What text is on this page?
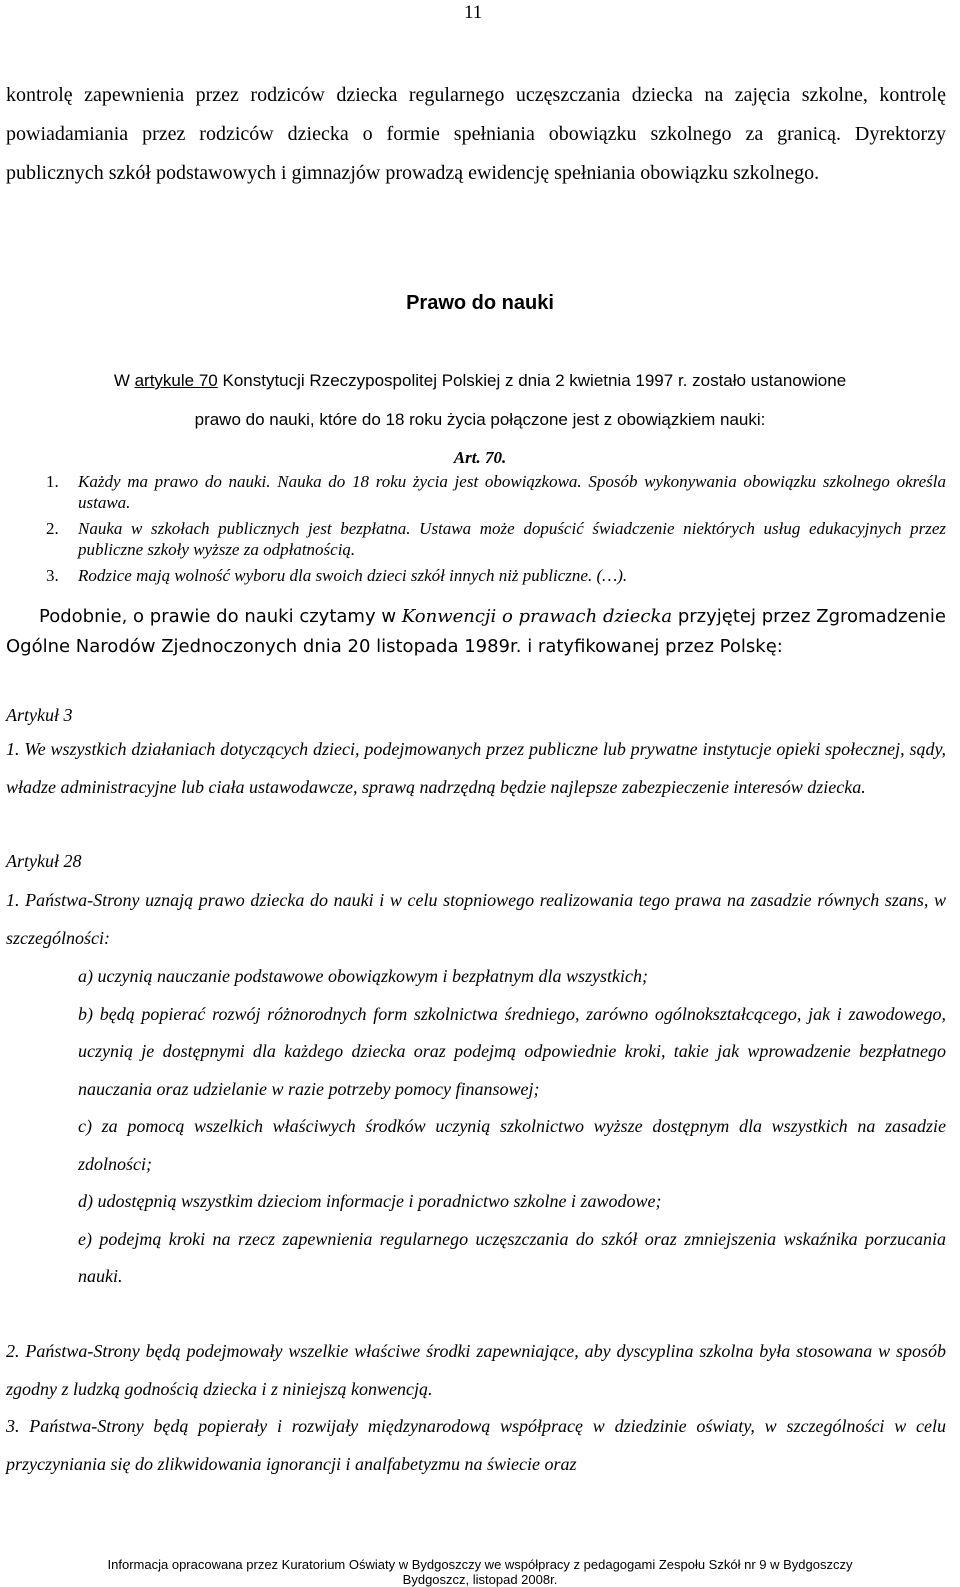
11

kontrolę zapewnienia przez rodziców dziecka regularnego uczęszczania dziecka na zajęcia szkolne, kontrolę powiadamiania przez rodziców dziecka o formie spełniania obowiązku szkolnego za granicą. Dyrektorzy publicznych szkół podstawowych i gimnazjów prowadzą ewidencję spełniania obowiązku szkolnego.

Prawo do nauki
W artykule 70 Konstytucji Rzeczypospolitej Polskiej z dnia 2 kwietnia 1997 r. zostało ustanowione
prawo do nauki, które do 18 roku życia połączone jest z obowiązkiem nauki:
Art. 70.
1. Każdy ma prawo do nauki. Nauka do 18 roku życia jest obowiązkowa. Sposób wykonywania obowiązku szkolnego określa ustawa.
2. Nauka w szkołach publicznych jest bezpłatna. Ustawa może dopuścić świadczenie niektórych usług edukacyjnych przez publiczne szkoły wyższe za odpłatnością.
3. Rodzice mają wolność wyboru dla swoich dzieci szkół innych niż publiczne. (…).

Podobnie, o prawie do nauki czytamy w Konwencji o prawach dziecka przyjętej przez Zgromadzenie Ogólne Narodów Zjednoczonych dnia 20 listopada 1989r. i ratyfikowanej przez Polskę:

Artykuł 3

1. We wszystkich działaniach dotyczących dzieci, podejmowanych przez publiczne lub prywatne instytucje opieki społecznej, sądy, władze administracyjne lub ciała ustawodawcze, sprawą nadrzędną będzie najlepsze zabezpieczenie interesów dziecka.

Artykuł 28

1. Państwa-Strony uznają prawo dziecka do nauki i w celu stopniowego realizowania tego prawa na zasadzie równych szans, w szczególności:

a) uczynią nauczanie podstawowe obowiązkowym i bezpłatnym dla wszystkich;

b) będą popierać rozwój różnorodnych form szkolnictwa średniego, zarówno ogólnokształcącego, jak i zawodowego, uczynią je dostępnymi dla każdego dziecka oraz podejmą odpowiednie kroki, takie jak wprowadzenie bezpłatnego nauczania oraz udzielanie w razie potrzeby pomocy finansowej;

c) za pomocą wszelkich właściwych środków uczynią szkolnictwo wyższe dostępnym dla wszystkich na zasadzie zdolności;

d) udostępnią wszystkim dzieciom informacje i poradnictwo szkolne i zawodowe;

e) podejmą kroki na rzecz zapewnienia regularnego uczęszczania do szkół oraz zmniejszenia wskaźnika porzucania nauki.

2. Państwa-Strony będą podejmowały wszelkie właściwe środki zapewniające, aby dyscyplina szkolna była stosowana w sposób zgodny z ludzką godnością dziecka i z niniejszą konwencją.

3. Państwa-Strony będą popierały i rozwijały międzynarodową współpracę w dziedzinie oświaty, w szczególności w celu przyczyniania się do zlikwidowania ignorancji i analfabetyzmu na świecie oraz

Informacja opracowana przez Kuratorium Oświaty w Bydgoszczy we współpracy z pedagogami Zespołu Szkół nr 9 w Bydgoszczy
Bydgoszcz, listopad 2008r.
